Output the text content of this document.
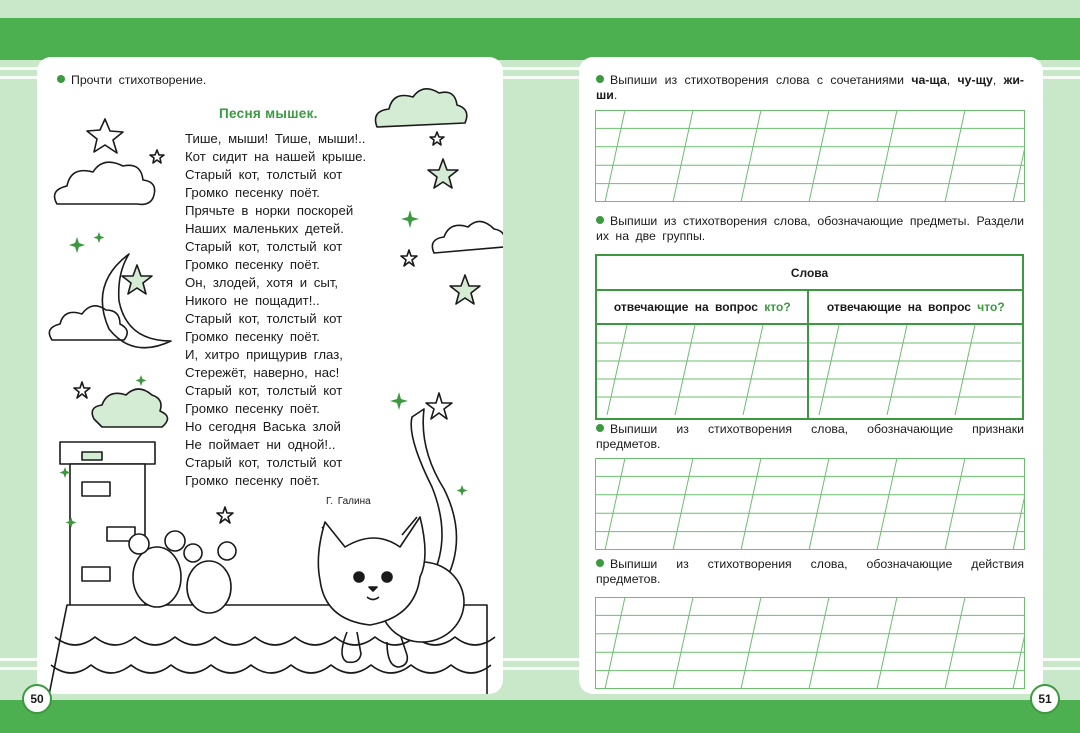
Прочти стихотворение.
Песня мышек.
Тише, мыши! Тише, мыши!..
Кот сидит на нашей крыше.
Старый кот, толстый кот
Громко песенку поёт.
Прячьте в норки поскорей
Наших маленьких детей.
Старый кот, толстый кот
Громко песенку поёт.
Он, злодей, хотя и сыт,
Никого не пощадит!..
Старый кот, толстый кот
Громко песенку поёт.
И, хитро прищурив глаз,
Стережёт, наверно, нас!
Старый кот, толстый кот
Громко песенку поёт.
Но сегодня Васька злой
Не поймает ни одной!..
Старый кот, толстый кот
Громко песенку поёт.
Г. Галина
50
Выпиши из стихотворения слова с сочетаниями ча-ща, чу-щу, жи-ши.
Выпиши из стихотворения слова, обозначающие предметы. Раздели их на две группы.
Слова	
отвечающие на вопрос кто?	отвечающие на вопрос что?

Выпиши из стихотворения слова, обозначающие признаки предметов.
Выпиши из стихотворения слова, обозначающие действия предметов.
51
